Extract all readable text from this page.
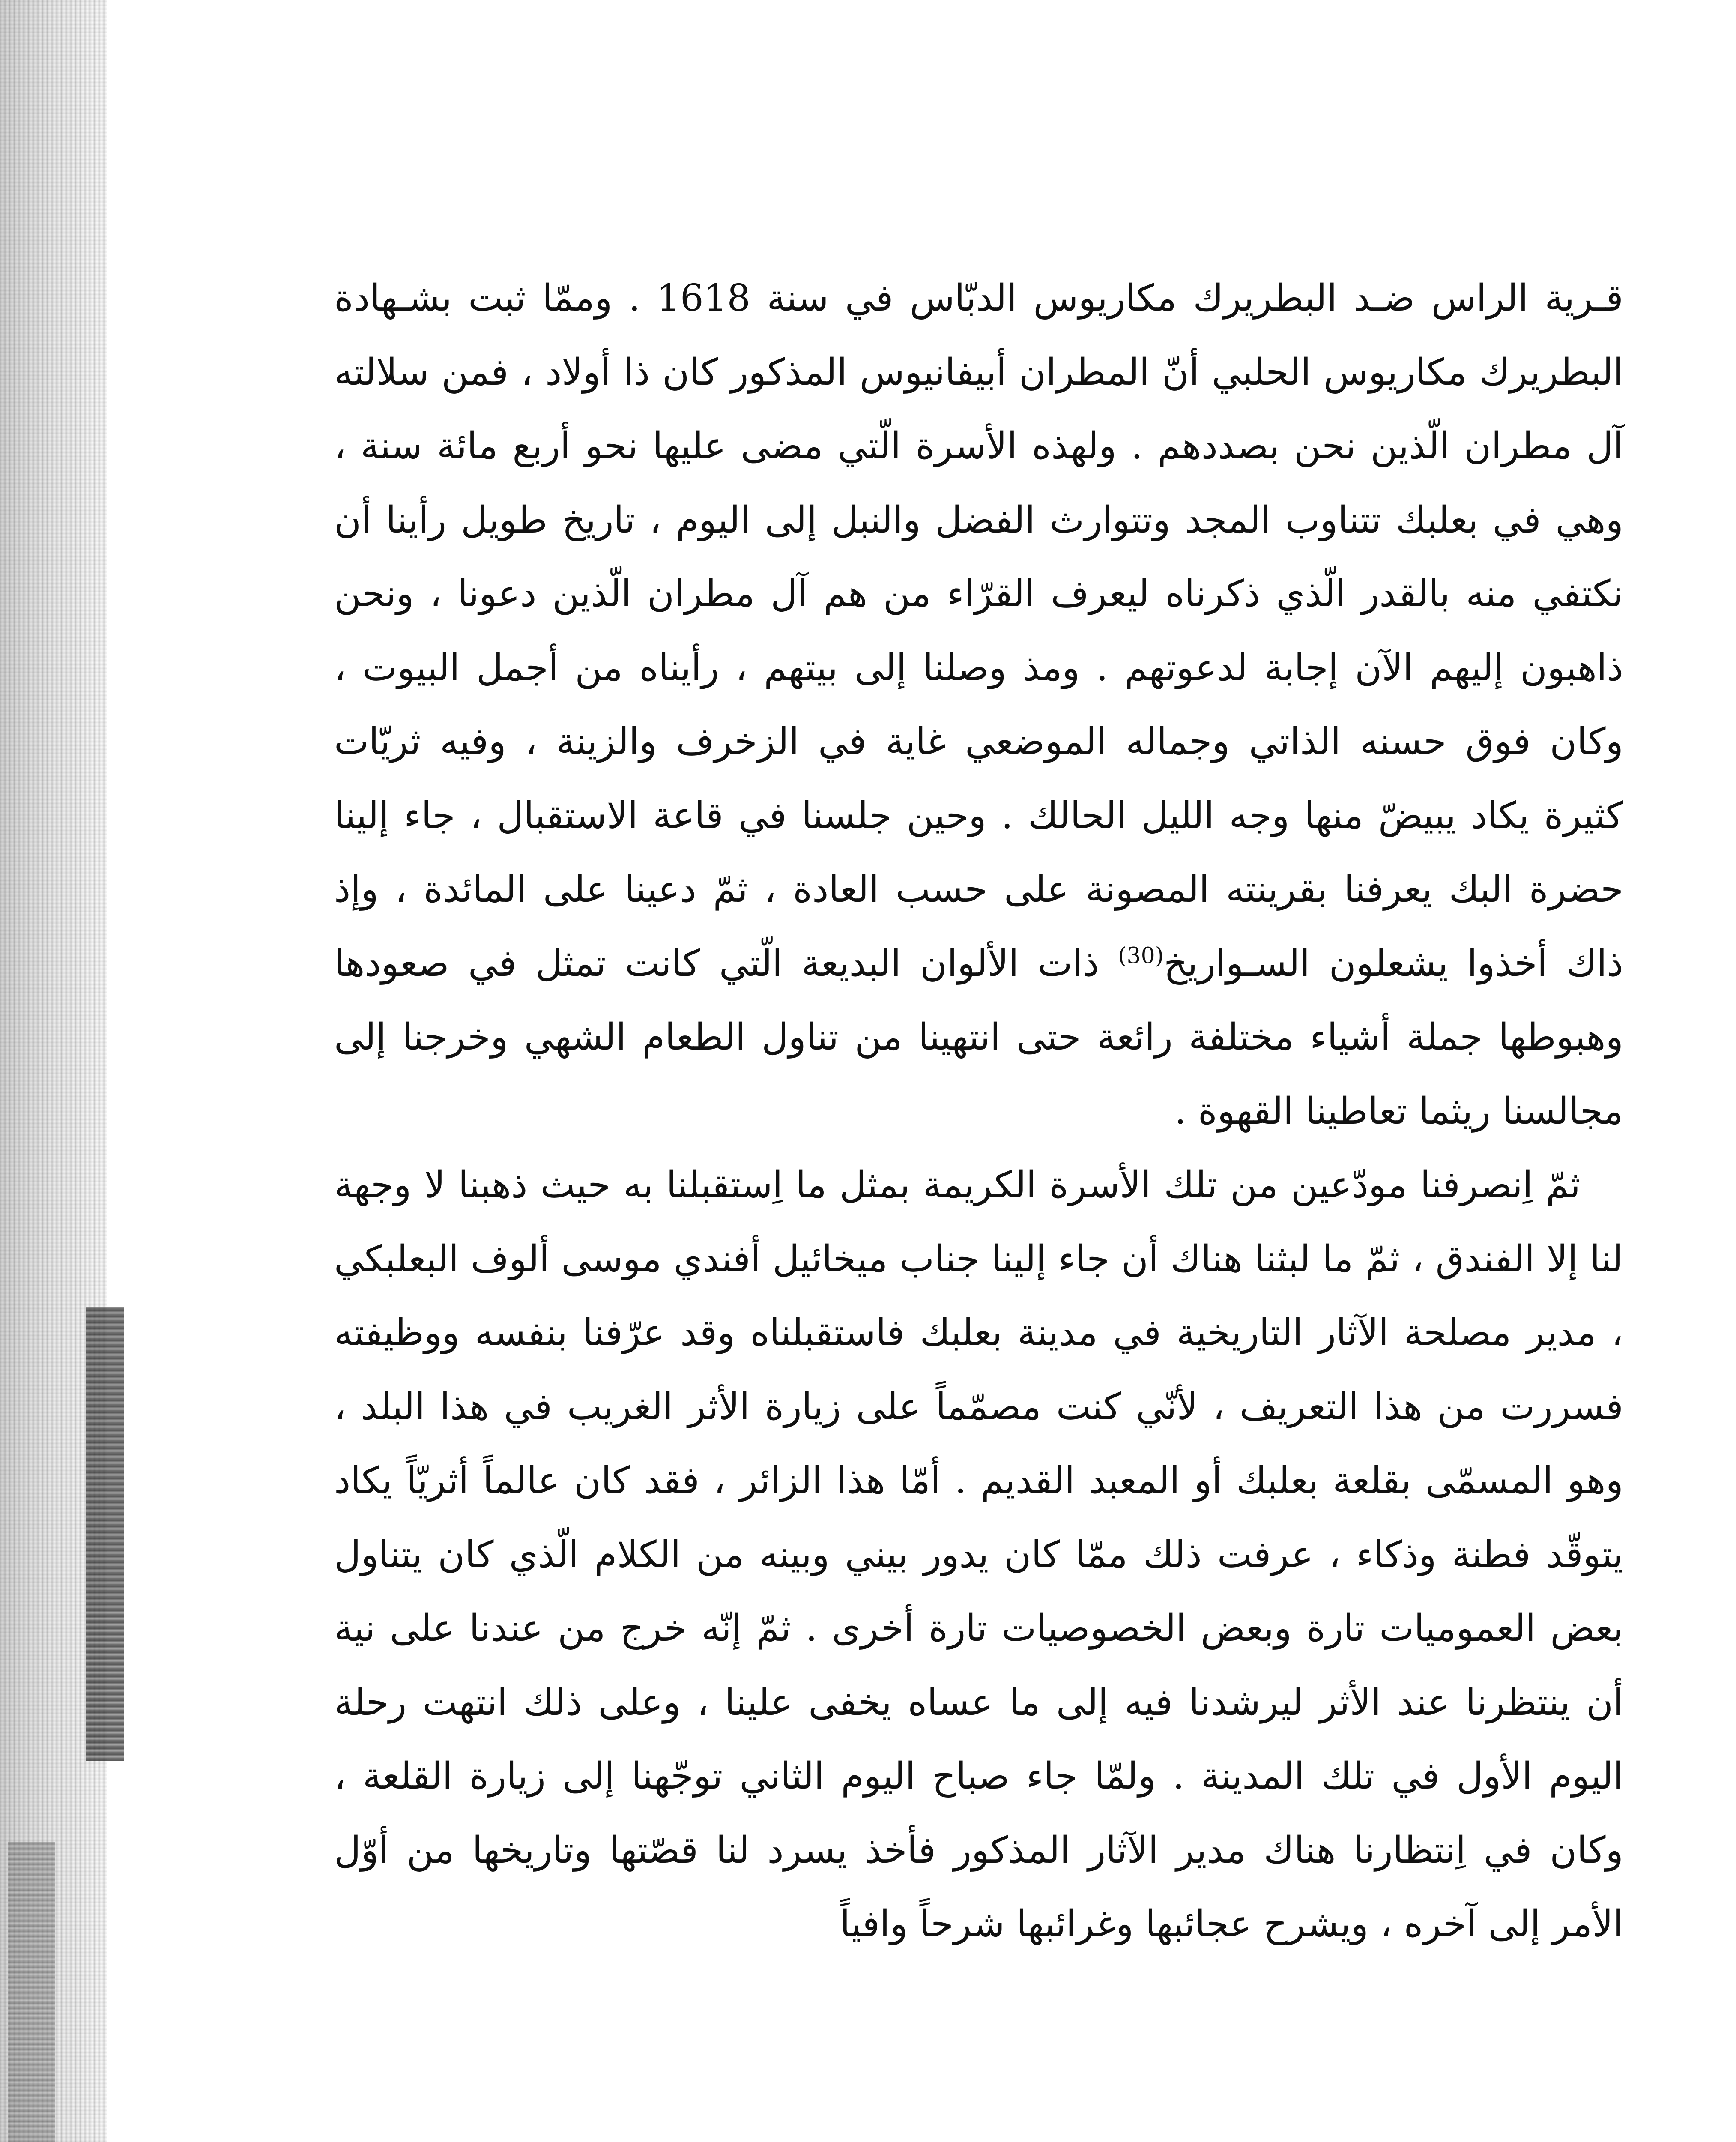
قـرية الراس ضـد البطريرك مكاريوس الدبّاس في سنة 1618 . وممّا ثبت بشـهادة البطريرك مكاريوس الحلبي أنّ المطران أبيفانيوس المذكور كان ذا أولاد ، فمن سلالته آل مطران الّذين نحن بصددهم . ولهذه الأسرة الّتي مضى عليها نحو أربع مائة سنة ، وهي في بعلبك تتناوب المجد وتتوارث الفضل والنبل إلى اليوم ، تاريخ طويل رأينا أن نكتفي منه بالقدر الّذي ذكرناه ليعرف القرّاء من هم آل مطران الّذين دعونا ، ونحن ذاهبون إليهم الآن إجابة لدعوتهم . ومذ وصلنا إلى بيتهم ، رأيناه من أجمل البيوت ، وكان فوق حسنه الذاتي وجماله الموضعي غاية في الزخرف والزينة ، وفيه ثريّات كثيرة يكاد يبيضّ منها وجه الليل الحالك . وحين جلسنا في قاعة الاستقبال ، جاء إلينا حضرة البك يعرفنا بقرينته المصونة على حسب العادة ، ثمّ دعينا على المائدة ، وإذ ذاك أخذوا يشعلون السـواريخ$^{(30)}$ ذات الألوان البديعة الّتي كانت تمثل في صعودها وهبوطها جملة أشياء مختلفة رائعة حتى انتهينا من تناول الطعام الشهي وخرجنا إلى مجالسنا ريثما تعاطينا القهوة .

ثمّ اِنصرفنا مودّعين من تلك الأسرة الكريمة بمثل ما اِستقبلنا به حيث ذهبنا لا وجهة لنا إلا الفندق ، ثمّ ما لبثنا هناك أن جاء إلينا جناب ميخائيل أفندي موسى ألوف البعلبكي ، مدير مصلحة الآثار التاريخية في مدينة بعلبك فاستقبلناه وقد عرّفنا بنفسه ووظيفته فسررت من هذا التعريف ، لأنّي كنت مصمّماً على زيارة الأثر الغريب في هذا البلد ، وهو المسمّى بقلعة بعلبك أو المعبد القديم . أمّا هذا الزائر ، فقد كان عالماً أثريّاً يكاد يتوقّد فطنة وذكاء ، عرفت ذلك ممّا كان يدور بيني وبينه من الكلام الّذي كان يتناول بعض العموميات تارة وبعض الخصوصيات تارة أخرى . ثمّ إنّه خرج من عندنا على نية أن ينتظرنا عند الأثر ليرشدنا فيه إلى ما عساه يخفى علينا ، وعلى ذلك انتهت رحلة اليوم الأول في تلك المدينة . ولمّا جاء صباح اليوم الثاني توجّهنا إلى زيارة القلعة ، وكان في اِنتظارنا هناك مدير الآثار المذكور فأخذ يسرد لنا قصّتها وتاريخها من أوّل الأمر إلى آخره ، ويشرح عجائبها وغرائبها شرحاً وافياً
